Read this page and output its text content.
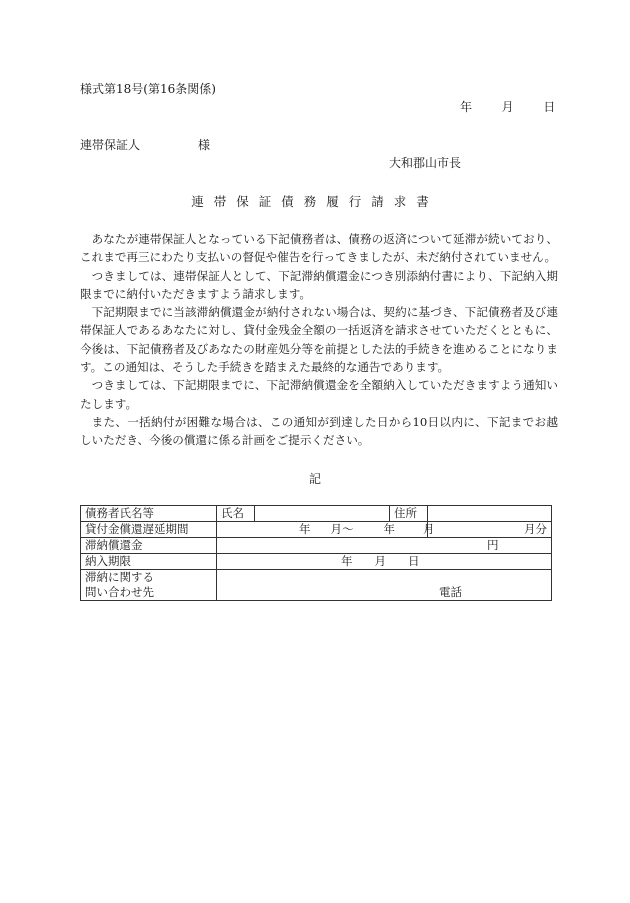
様式第18号(第16条関係)
年 月 日
連帯保証人	様
大和郡山市長
連帯保証債務履行請求書

あなたが連帯保証人となっている下記債務者は、債務の返済について延滞が続いており、これまで再三にわたり支払いの督促や催告を行ってきましたが、未だ納付されていません。

つきましては、連帯保証人として、下記滞納償還金につき別添納付書により、下記納入期限までに納付いただきますよう請求します。

下記期限までに当該滞納償還金が納付されない場合は、契約に基づき、下記債務者及び連帯保証人であるあなたに対し、貸付金残金全額の一括返済を請求させていただくとともに、今後は、下記債務者及びあなたの財産処分等を前提とした法的手続きを進めることになります。この通知は、そうした手続きを踏まえた最終的な通告であります。

つきましては、下記期限までに、下記滞納償還金を全額納入していただきますよう通知いたします。

また、一括納付が困難な場合は、この通知が到達した日から10日以内に、下記までお越しいただき、今後の償還に係る計画をご提示ください。

記
債務者氏名等	氏名		住所	
貸付金償還遅延期間	年 月～ 年 月			月分
滞納償還金	円			
納入期限	年 月 日			

滞納に関する
問い合わせ先	電話			
